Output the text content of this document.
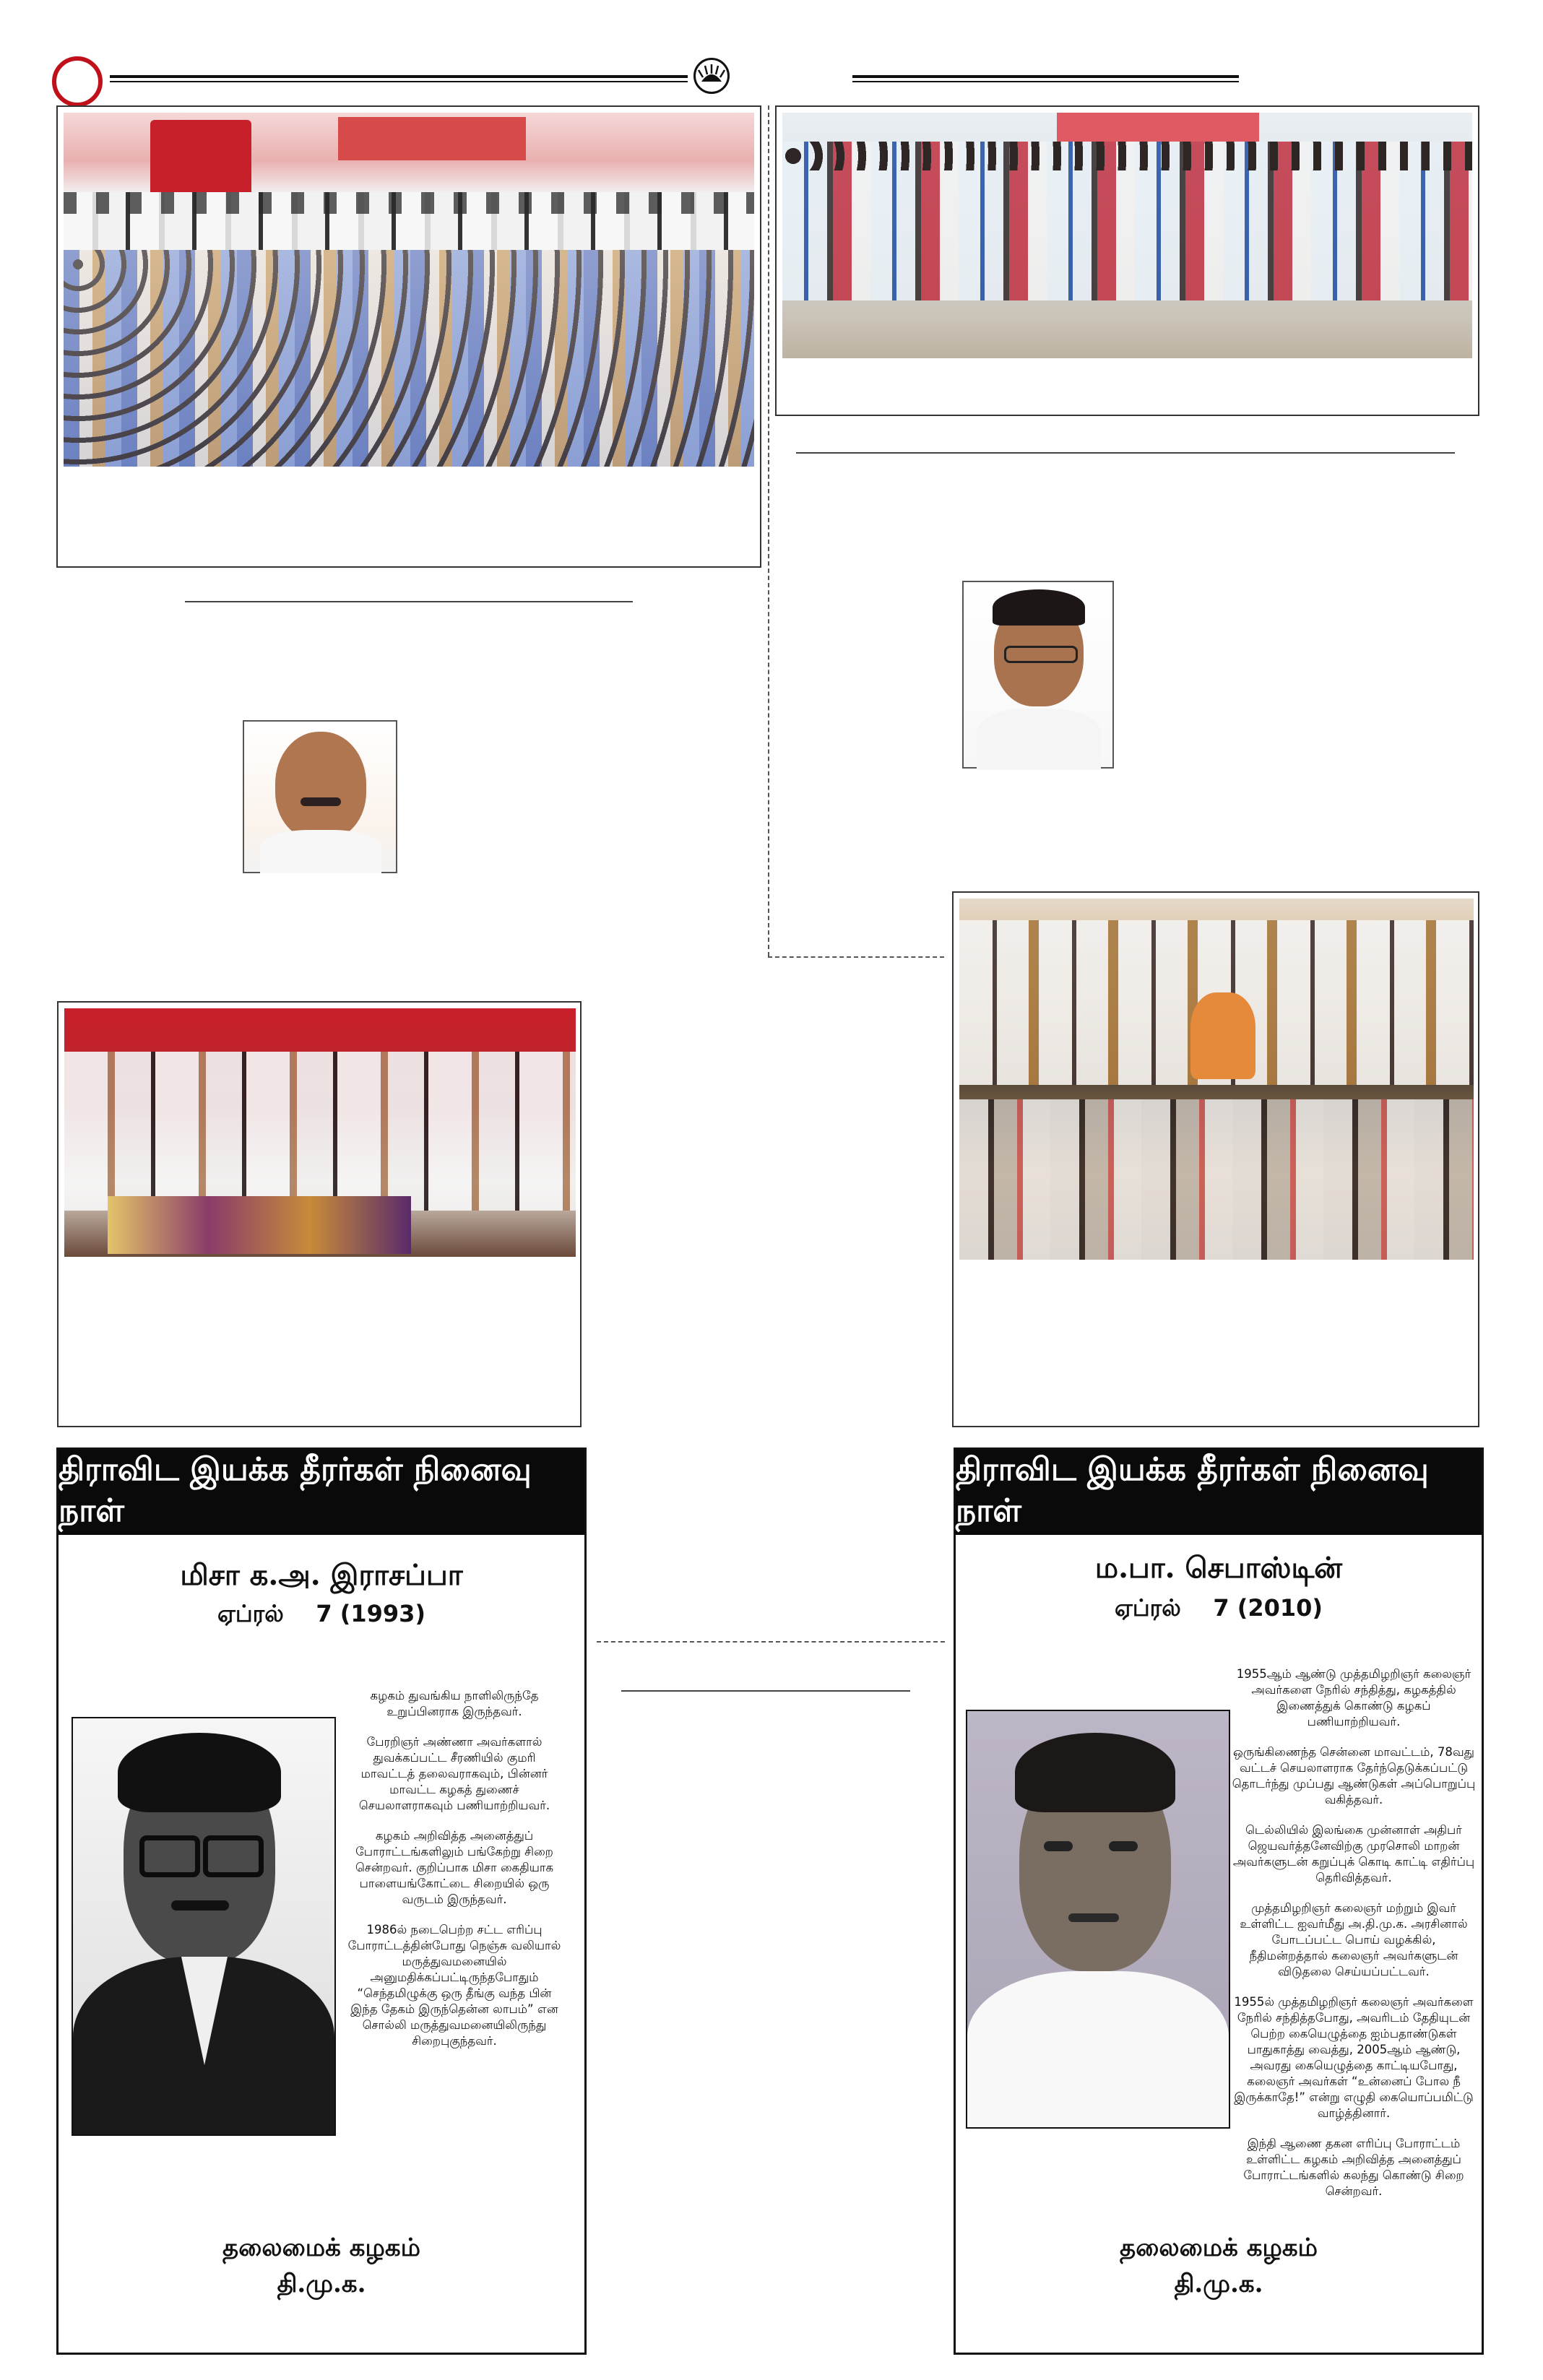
திராவிட இயக்க தீரர்கள் நினைவு நாள்
மிசா க.அ. இராசப்பா
ஏப்ரல்    7 (1993)

கழகம் துவங்கிய நாளிலிருந்தே உறுப்பினராக இருந்தவர்.

பேரறிஞர் அண்ணா அவர்களால் துவக்கப்பட்ட சீரணியில் குமரி மாவட்டத் தலைவராகவும், பின்னர் மாவட்ட கழகத் துணைச் செயலாளராகவும் பணியாற்றியவர்.

கழகம் அறிவித்த அனைத்துப் போராட்டங்களிலும் பங்கேற்று சிறை சென்றவர். குறிப்பாக மிசா கைதியாக பாளையங்கோட்டை சிறையில் ஒரு வருடம் இருந்தவர்.

1986ல் நடைபெற்ற சட்ட எரிப்பு போராட்டத்தின்போது நெஞ்சு வலியால் மருத்துவமனையில் அனுமதிக்கப்பட்டிருந்தபோதும் “செந்தமிழுக்கு ஒரு தீங்கு வந்த பின் இந்த தேகம் இருந்தென்ன லாபம்” என சொல்லி மருத்துவமனையிலிருந்து சிறைபுகுந்தவர்.

தலைமைக் கழகம்
தி.மு.க.
திராவிட இயக்க தீரர்கள் நினைவு நாள்
ம.பா. செபாஸ்டின்
ஏப்ரல்    7 (2010)

1955ஆம் ஆண்டு முத்தமிழறிஞர் கலைஞர் அவர்களை நேரில் சந்தித்து, கழகத்தில் இணைத்துக் கொண்டு கழகப் பணியாற்றியவர்.

ஒருங்கிணைந்த சென்னை மாவட்டம், 78வது வட்டச் செயலாளராக தேர்ந்தெடுக்கப்பட்டு தொடர்ந்து முப்பது ஆண்டுகள் அப்பொறுப்பு வகித்தவர்.

டெல்லியில் இலங்கை முன்னாள் அதிபர் ஜெயவர்த்தனேவிற்கு முரசொலி மாறன் அவர்களுடன் கறுப்புக் கொடி காட்டி எதிர்ப்பு தெரிவித்தவர்.

முத்தமிழறிஞர் கலைஞர் மற்றும் இவர் உள்ளிட்ட ஐவர்மீது அ.தி.மு.க. அரசினால் போடப்பட்ட பொய் வழக்கில், நீதிமன்றத்தால் கலைஞர் அவர்களுடன் விடுதலை செய்யப்பட்டவர்.

1955ல் முத்தமிழறிஞர் கலைஞர் அவர்களை நேரில் சந்தித்தபோது, அவரிடம் தேதியுடன் பெற்ற கையெழுத்தை ஐம்பதாண்டுகள் பாதுகாத்து வைத்து, 2005ஆம் ஆண்டு, அவரது கையெழுத்தை காட்டியபோது, கலைஞர் அவர்கள் “உன்னைப் போல நீ இருக்காதே!” என்று எழுதி கையொப்பமிட்டு வாழ்த்தினார்.

இந்தி ஆணை தகன எரிப்பு போராட்டம் உள்ளிட்ட கழகம் அறிவித்த அனைத்துப் போராட்டங்களில் கலந்து கொண்டு சிறை சென்றவர்.

தலைமைக் கழகம்
தி.மு.க.
